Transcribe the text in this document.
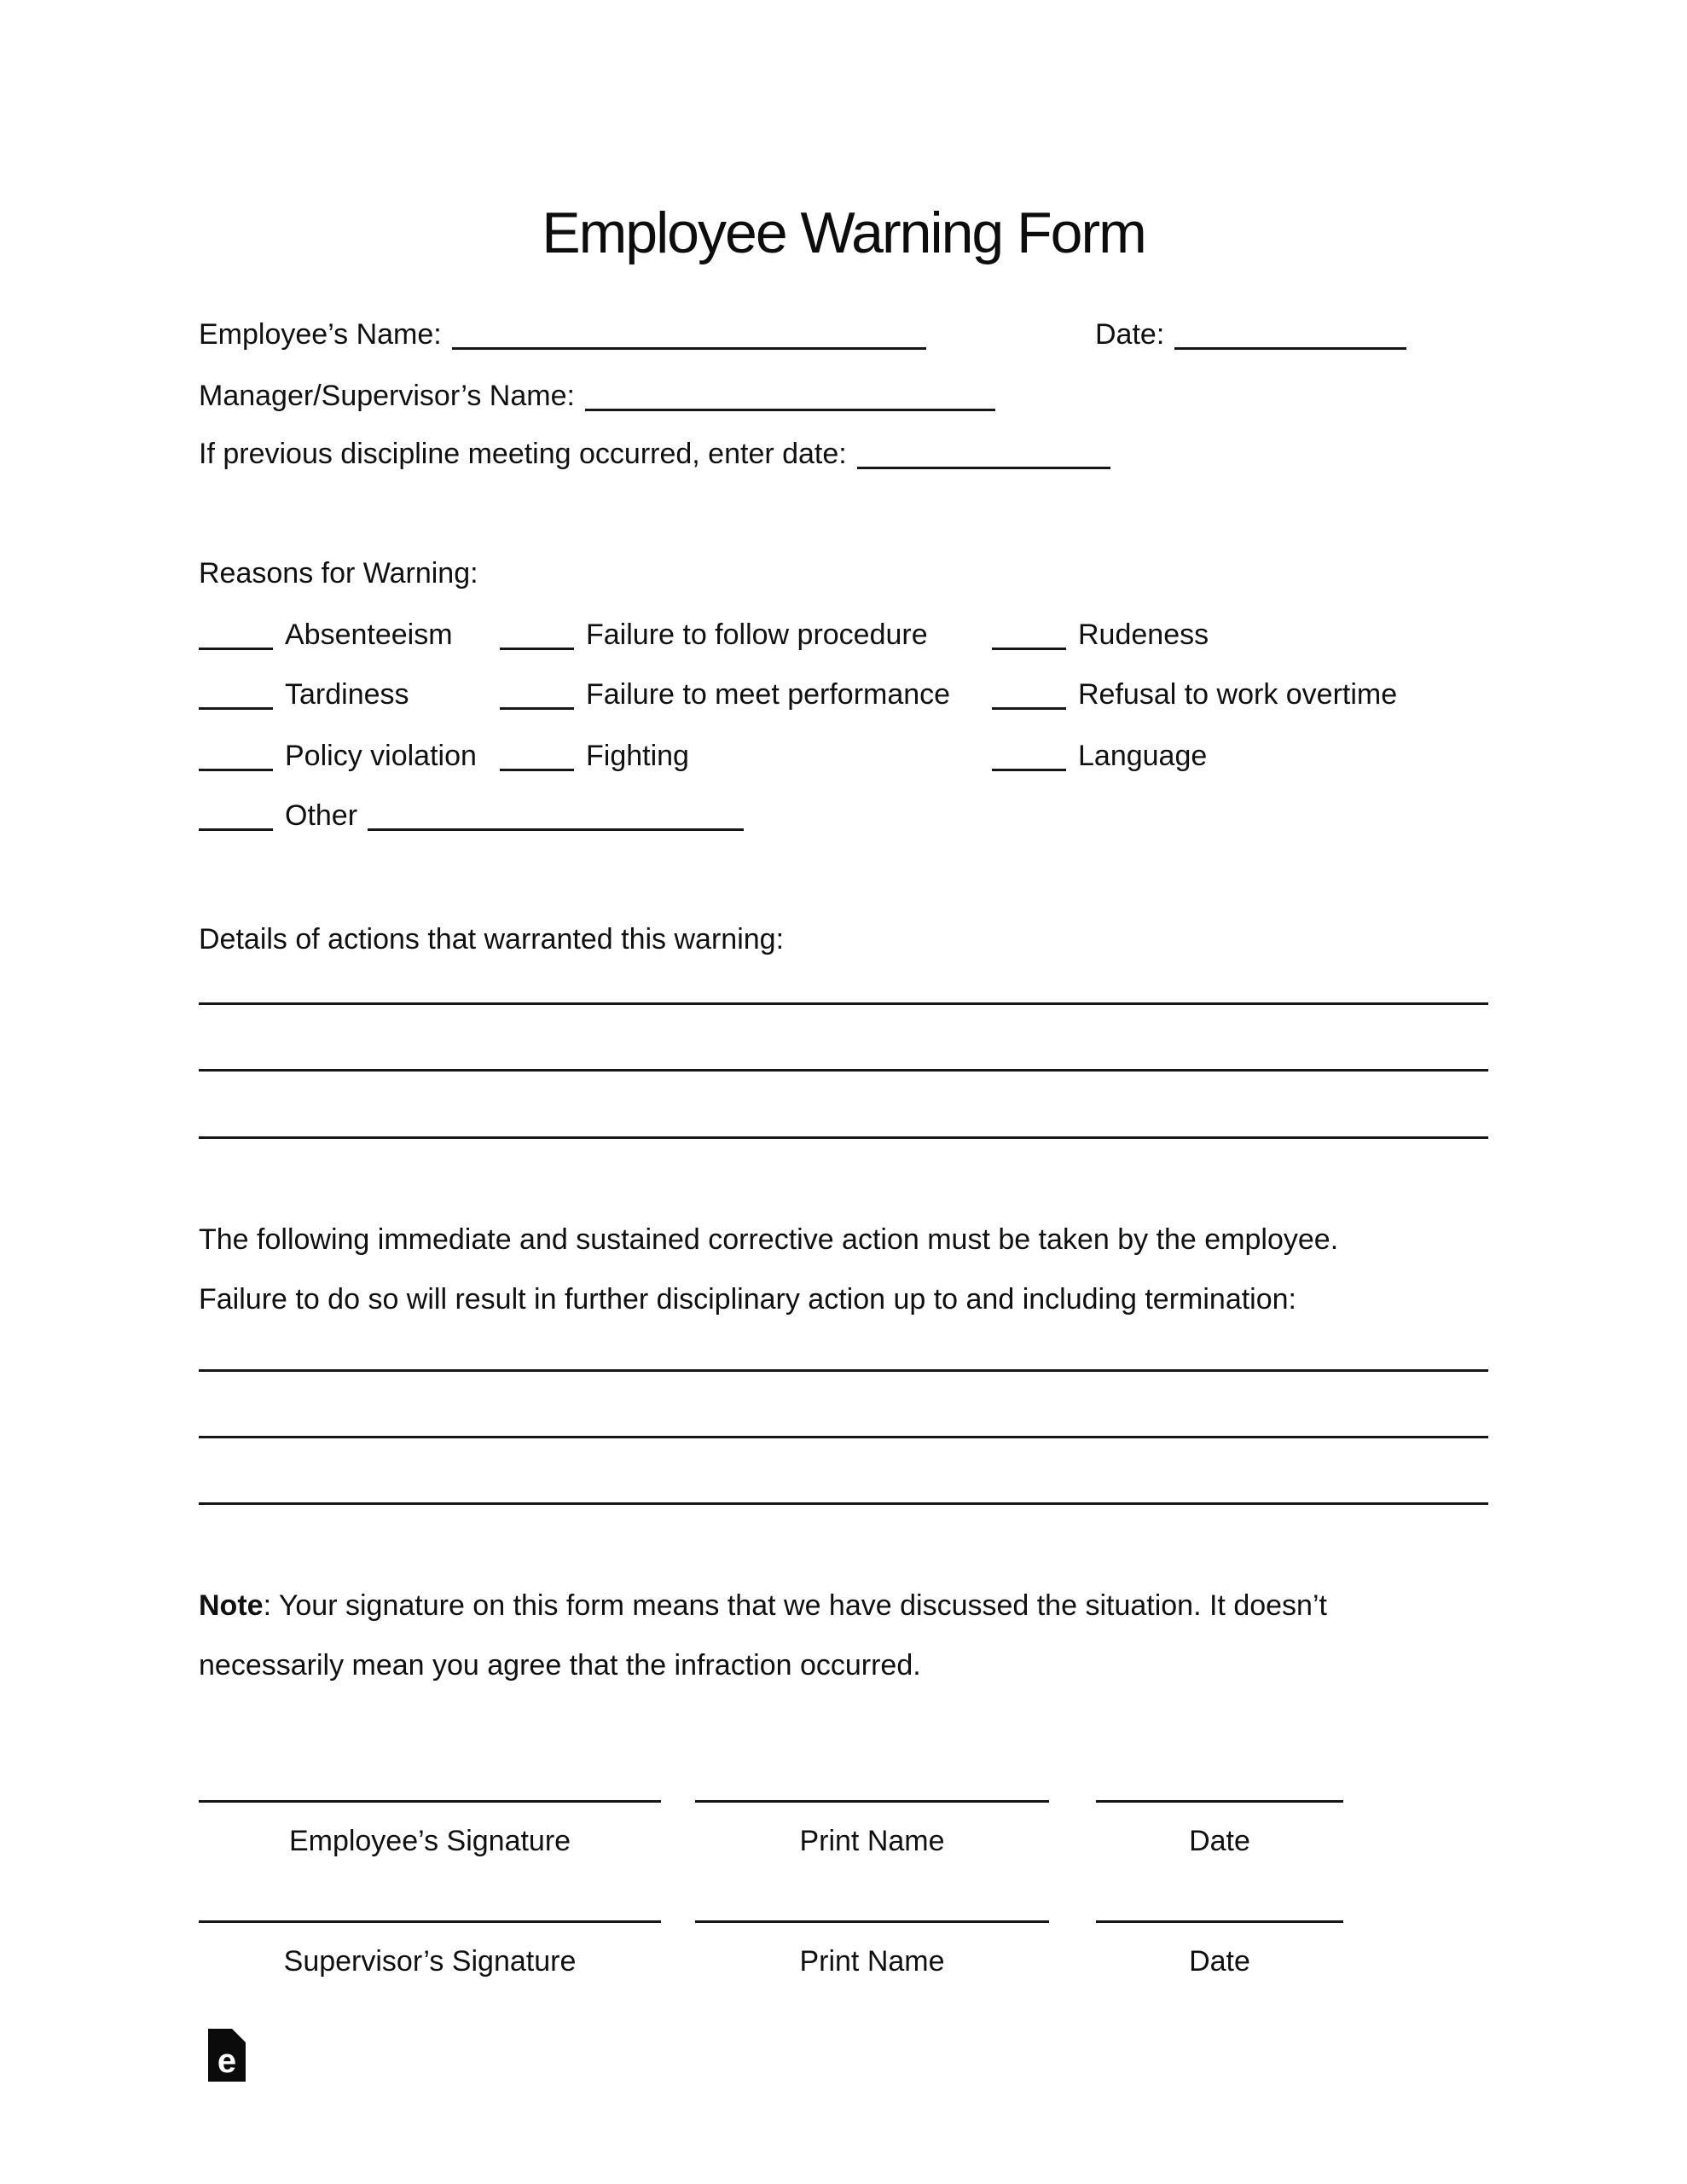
Employee Warning Form
Employee’s Name:	Date:
Manager/Supervisor’s Name:
If previous discipline meeting occurred, enter date:
Reasons for Warning:
Absenteeism	Failure to follow procedure	Rudeness
Tardiness	Failure to meet performance	Refusal to work overtime
Policy violation	Fighting	Language
Other
Details of actions that warranted this warning:

The following immediate and sustained corrective action must be taken by the employee.
Failure to do so will result in further disciplinary action up to and including termination:

Note: Your signature on this form means that we have discussed the situation. It doesn’t
necessarily mean you agree that the infraction occurred.

Employee’s Signature	Print Name	Date
Supervisor’s Signature	Print Name	Date
e
